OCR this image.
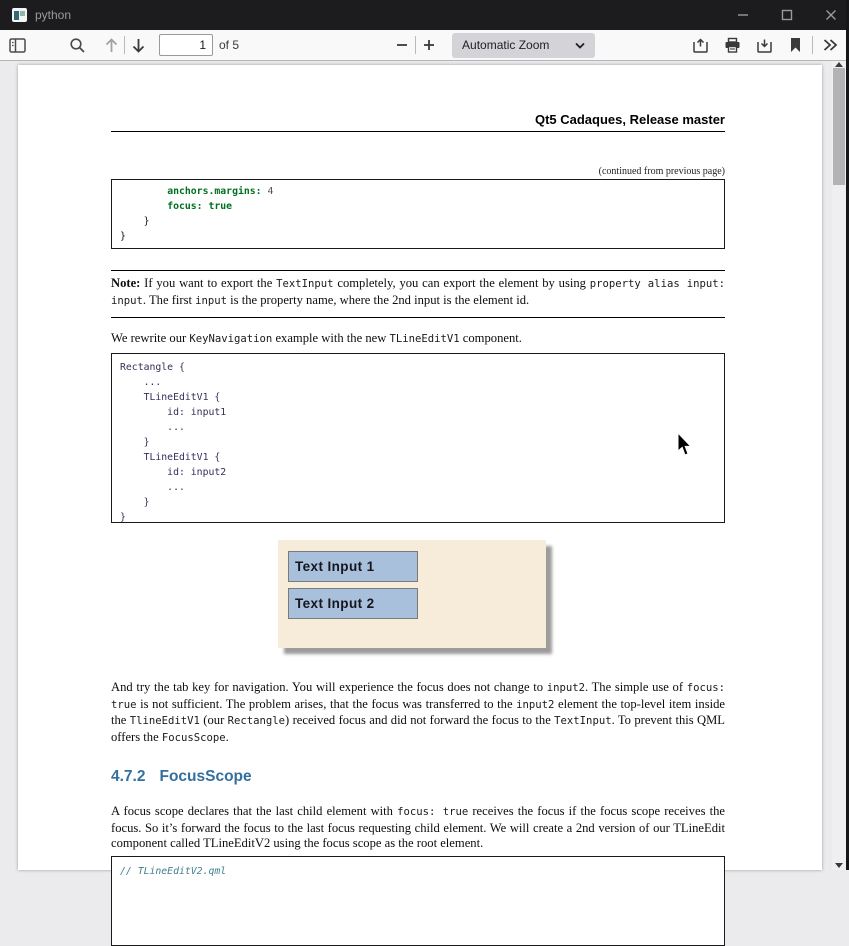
python
1
of 5	Automatic Zoom
Qt5 Cadaques, Release master
(continued from previous page)
anchors.margins: 4
focus: true
}
}
Note: If you want to export the TextInput completely, you can export the element by using property alias input: input. The first input is the property name, where the 2nd input is the element id.
We rewrite our KeyNavigation example with the new TLineEditV1 component.
Rectangle {
...
TLineEditV1 {
id: input1
...
}
TLineEditV1 {
id: input2
...
}
}
Text Input 1
Text Input 2
And try the tab key for navigation. You will experience the focus does not change to input2. The simple use of focus: true is not sufficient. The problem arises, that the focus was transferred to the input2 element the top-level item inside the TlineEditV1 (our Rectangle) received focus and did not forward the focus to the TextInput. To prevent this QML offers the FocusScope.
4.7.2 FocusScope
A focus scope declares that the last child element with focus: true receives the focus if the focus scope receives the focus. So it’s forward the focus to the last focus requesting child element. We will create a 2nd version of our TLineEdit component called TLineEditV2 using the focus scope as the root element.
// TLineEditV2.qml
